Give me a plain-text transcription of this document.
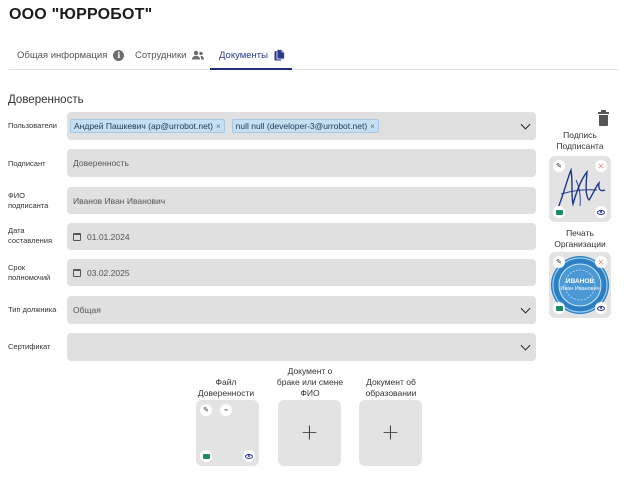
ООО "ЮРРОБОТ"
Общая информация	i	Сотрудники	Документы
Доверенность
Пользователи	Андрей Пашкевич (ap@urrobot.net) × null null (developer-3@urrobot.net) ×
Подписант	Доверенность
ФИО подписанта	Иванов Иван Иванович
Дата составления	01.01.2024
Срок полномочий	03.02.2025
Тип должника	Общая
Сертификат
Подпись Подписанта
✎	✕
Печать Организации
ИВАНОВ
Иван Иванович
✎	✕
Файл Доверенности
✎	⌁
Документ о браке или смене ФИО
+
Документ об образовании
+
